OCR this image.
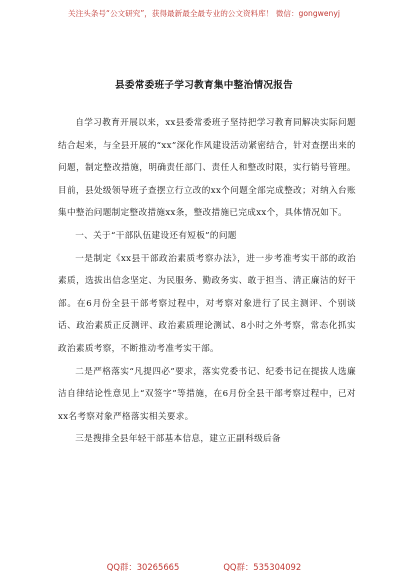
关注头条号“公文研究”，获得最新最全最专业的公文资料库！ 微信：gongwenyj
县委常委班子学习教育集中整治情况报告

自学习教育开展以来，xx县委常委班子坚持把学习教育同解决实际问题结合起来，与全县开展的“xx”深化作风建设活动紧密结合，针对查摆出来的问题，制定整改措施，明确责任部门、责任人和整改时限，实行销号管理。目前，县处级领导班子查摆立行立改的xx个问题全部完成整改；对纳入台账集中整治问题制定整改措施xx条，整改措施已完成xx个，具体情况如下。

一、关于“干部队伍建设还有短板”的问题

一是制定《xx县干部政治素质考察办法》，进一步考准考实干部的政治素质，选拔出信念坚定、为民服务、勤政务实、敢于担当、清正廉洁的好干部。在6月份全县干部考察过程中，对考察对象进行了民主测评、个别谈话、政治素质正反测评、政治素质理论测试、8小时之外考察，常态化抓实政治素质考察，不断推动考准考实干部。

二是严格落实“凡提四必”要求，落实党委书记、纪委书记在提拔人选廉洁自律结论性意见上“双签字”等措施，在6月份全县干部考察过程中，已对xx名考察对象严格落实相关要求。

三是搜排全县年轻干部基本信息，建立正副科级后备

QQ群：30265665	QQ群：535304092
